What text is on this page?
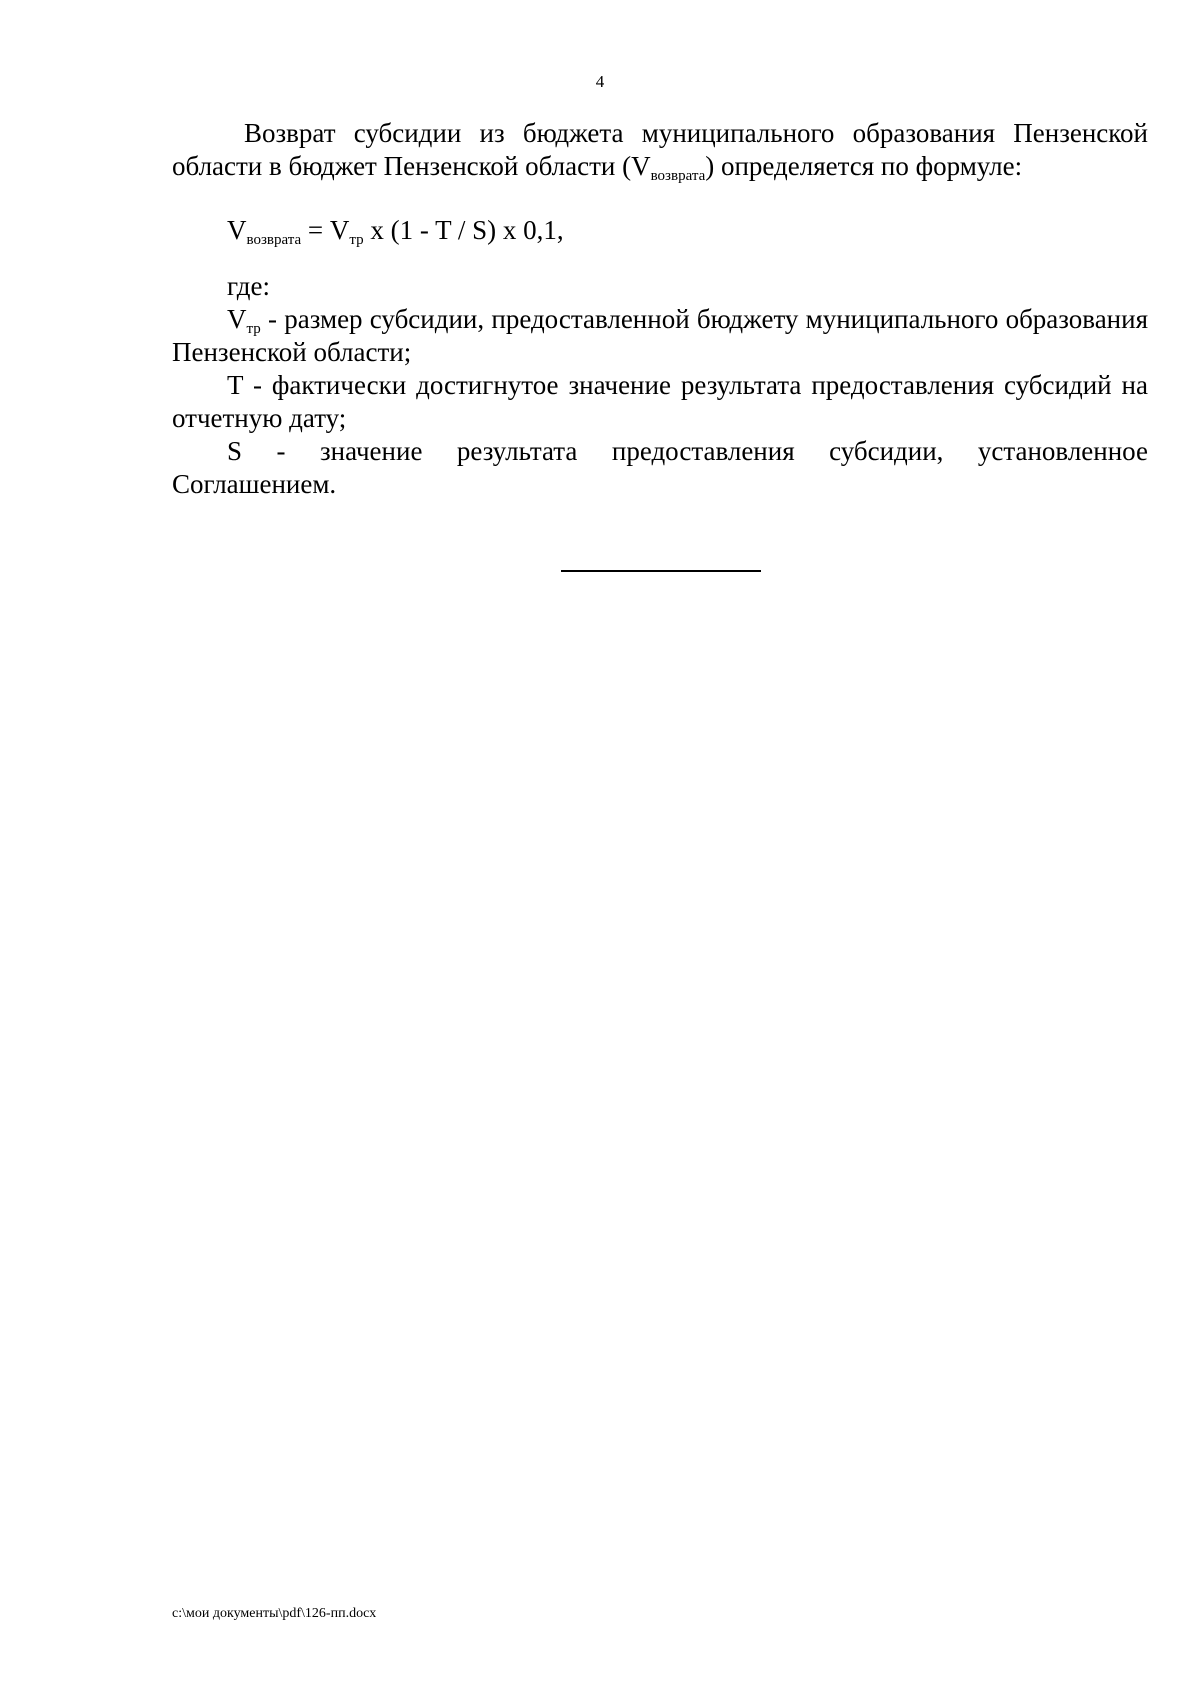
4

Возврат субсидии из бюджета муниципального образования Пензенской области в бюджет Пензенской области $(V_{возврата})$ определяется по формуле:

$V_{возврата} = V_{тр}$ x (1 - T / S) x 0,1,

где:

$V_{тр}$ - размер субсидии, предоставленной бюджету муниципального образования Пензенской области;

T - фактически достигнутое значение результата предоставления субсидий на отчетную дату;

S - значение результата предоставления субсидии, установленное Соглашением.

c:\мои документы\pdf\126-пп.docx
